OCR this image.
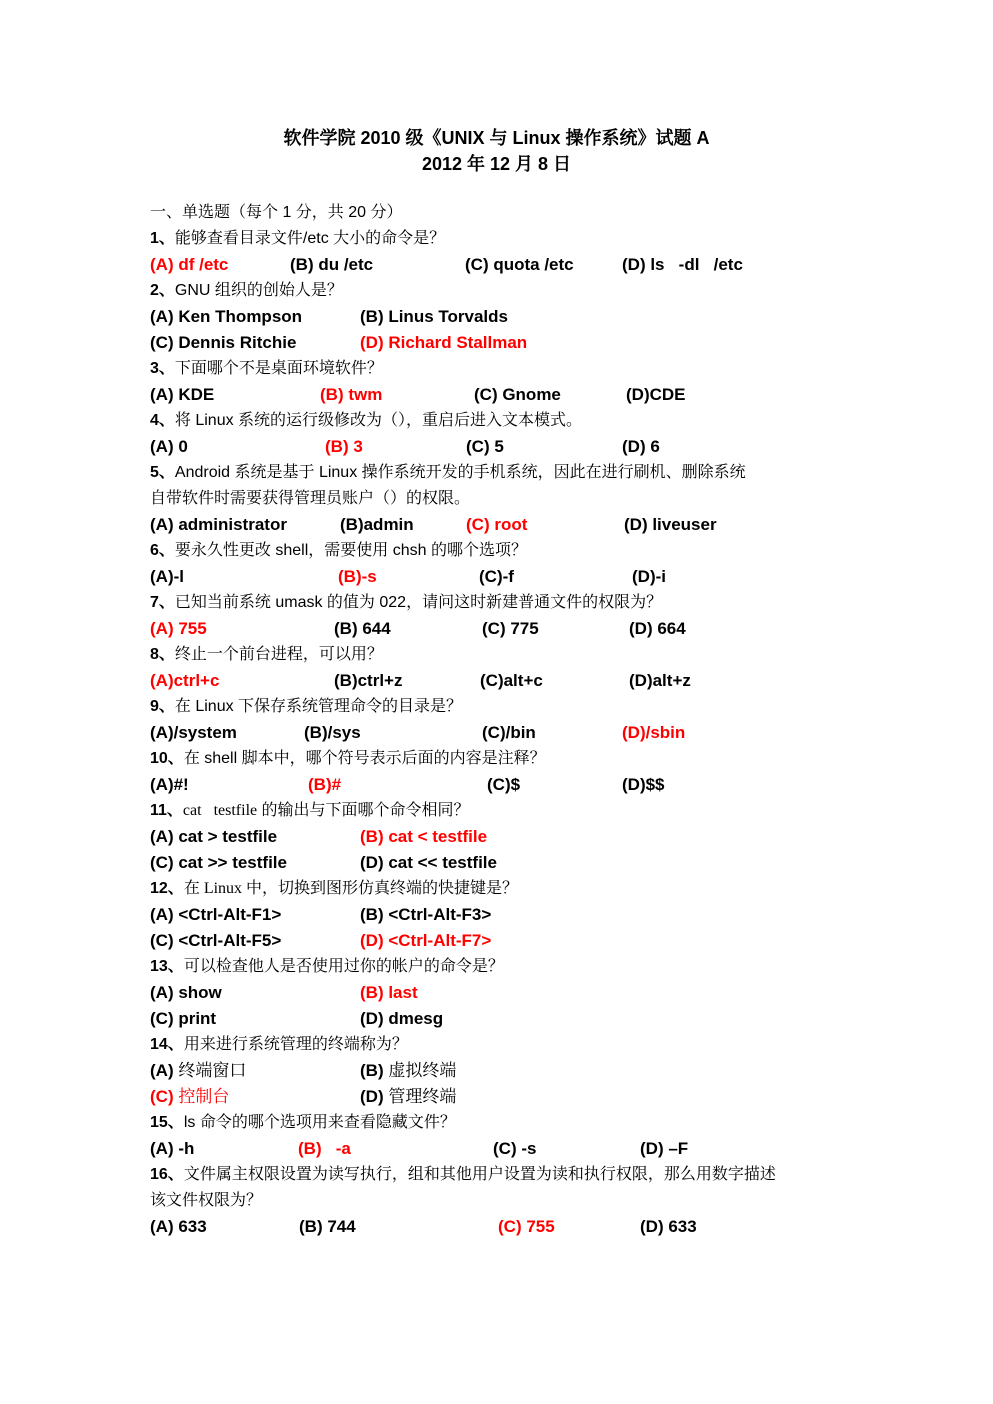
软件学院 2010 级《UNIX 与 Linux 操作系统》试题 A
2012 年 12 月 8 日
一、单选题（每个 1 分，共 20 分）
1、能够查看目录文件/etc 大小的命令是？
(A) df /etc	(B) du /etc	(C) quota /etc	(D) ls   -dl   /etc
2、GNU 组织的创始人是？
(A) Ken Thompson	(B) Linus Torvalds
(C) Dennis Ritchie	(D) Richard Stallman
3、下面哪个不是桌面环境软件？
(A) KDE	(B) twm	(C) Gnome	(D)CDE
4、将 Linux 系统的运行级修改为（），重启后进入文本模式。
(A) 0	(B) 3	(C) 5	(D) 6
5、Android 系统是基于 Linux 操作系统开发的手机系统，因此在进行刷机、删除系统
自带软件时需要获得管理员账户（）的权限。
(A) administrator	(B)admin	(C) root	(D) liveuser
6、要永久性更改 shell，需要使用 chsh 的哪个选项？
(A)-l	(B)-s	(C)-f	(D)-i
7、已知当前系统 umask 的值为 022，请问这时新建普通文件的权限为？
(A) 755	(B) 644	(C) 775	(D) 664
8、终止一个前台进程，可以用？
(A)ctrl+c	(B)ctrl+z	(C)alt+c	(D)alt+z
9、在 Linux 下保存系统管理命令的目录是？
(A)/system	(B)/sys	(C)/bin	(D)/sbin
10、在 shell 脚本中，哪个符号表示后面的内容是注释？
(A)#!	(B)#	(C)$	(D)$$
11、cat   testfile 的输出与下面哪个命令相同？
(A) cat > testfile	(B) cat < testfile
(C) cat >> testfile	(D) cat << testfile
12、在 Linux 中，切换到图形仿真终端的快捷键是？
(A) <Ctrl-Alt-F1>	(B) <Ctrl-Alt-F3>
(C) <Ctrl-Alt-F5>	(D) <Ctrl-Alt-F7>
13、可以检查他人是否使用过你的帐户的命令是？
(A) show	(B) last
(C) print	(D) dmesg
14、用来进行系统管理的终端称为？
(A) 终端窗口	(B) 虚拟终端
(C) 控制台	(D) 管理终端
15、ls 命令的哪个选项用来查看隐藏文件？
(A) -h	(B)   -a	(C) -s	(D) –F
16、文件属主权限设置为读写执行，组和其他用户设置为读和执行权限，那么用数字描述
该文件权限为？
(A) 633	(B) 744	(C) 755	(D) 633
